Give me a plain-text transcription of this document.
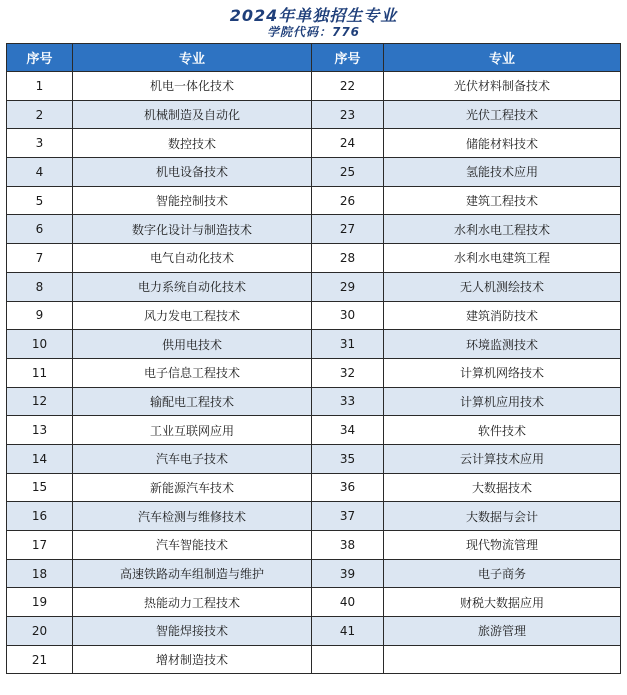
2024年单独招生专业
学院代码：776
序号	专业	序号	专业
1	机电一体化技术	22	光伏材料制备技术
2	机械制造及自动化	23	光伏工程技术
3	数控技术	24	储能材料技术
4	机电设备技术	25	氢能技术应用
5	智能控制技术	26	建筑工程技术
6	数字化设计与制造技术	27	水利水电工程技术
7	电气自动化技术	28	水利水电建筑工程
8	电力系统自动化技术	29	无人机测绘技术
9	风力发电工程技术	30	建筑消防技术
10	供用电技术	31	环境监测技术
11	电子信息工程技术	32	计算机网络技术
12	输配电工程技术	33	计算机应用技术
13	工业互联网应用	34	软件技术
14	汽车电子技术	35	云计算技术应用
15	新能源汽车技术	36	大数据技术
16	汽车检测与维修技术	37	大数据与会计
17	汽车智能技术	38	现代物流管理
18	高速铁路动车组制造与维护	39	电子商务
19	热能动力工程技术	40	财税大数据应用
20	智能焊接技术	41	旅游管理
21	增材制造技术		
